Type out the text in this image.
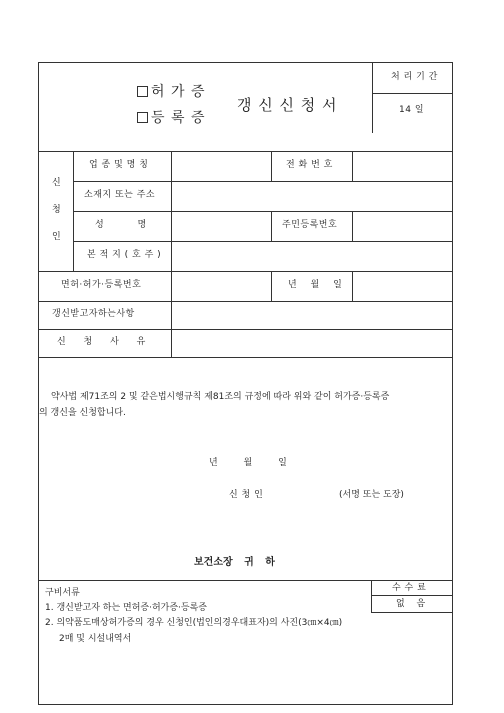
허 가 증
등 록 증
갱 신 신 청 서
처 리 기 간
14 일
신
청
인
업 종 및 명 칭	전 화 번 호
소재지 또는 주소
성 명	주민등록번호
본 적 지 ( 호 주 )
면허·허가·등록번호	년 월 일
갱신받고자하는사항
신 청 사 유
약사법 제71조의 2 및 같은법시행규칙 제81조의 규정에 따라 위와 같이 허가증·등록증
의 갱신을 신청합니다.
년 월 일
신 청 인	(서명 또는 도장)
보건소장 귀 하
구비서류
1. 갱신받고자 하는 면허증·허가증·등록증
2. 의약품도매상허가증의 경우 신청인(법인의경우대표자)의 사진(3㎝×4㎝)
2매 및 시설내역서
수 수 료
없 음
